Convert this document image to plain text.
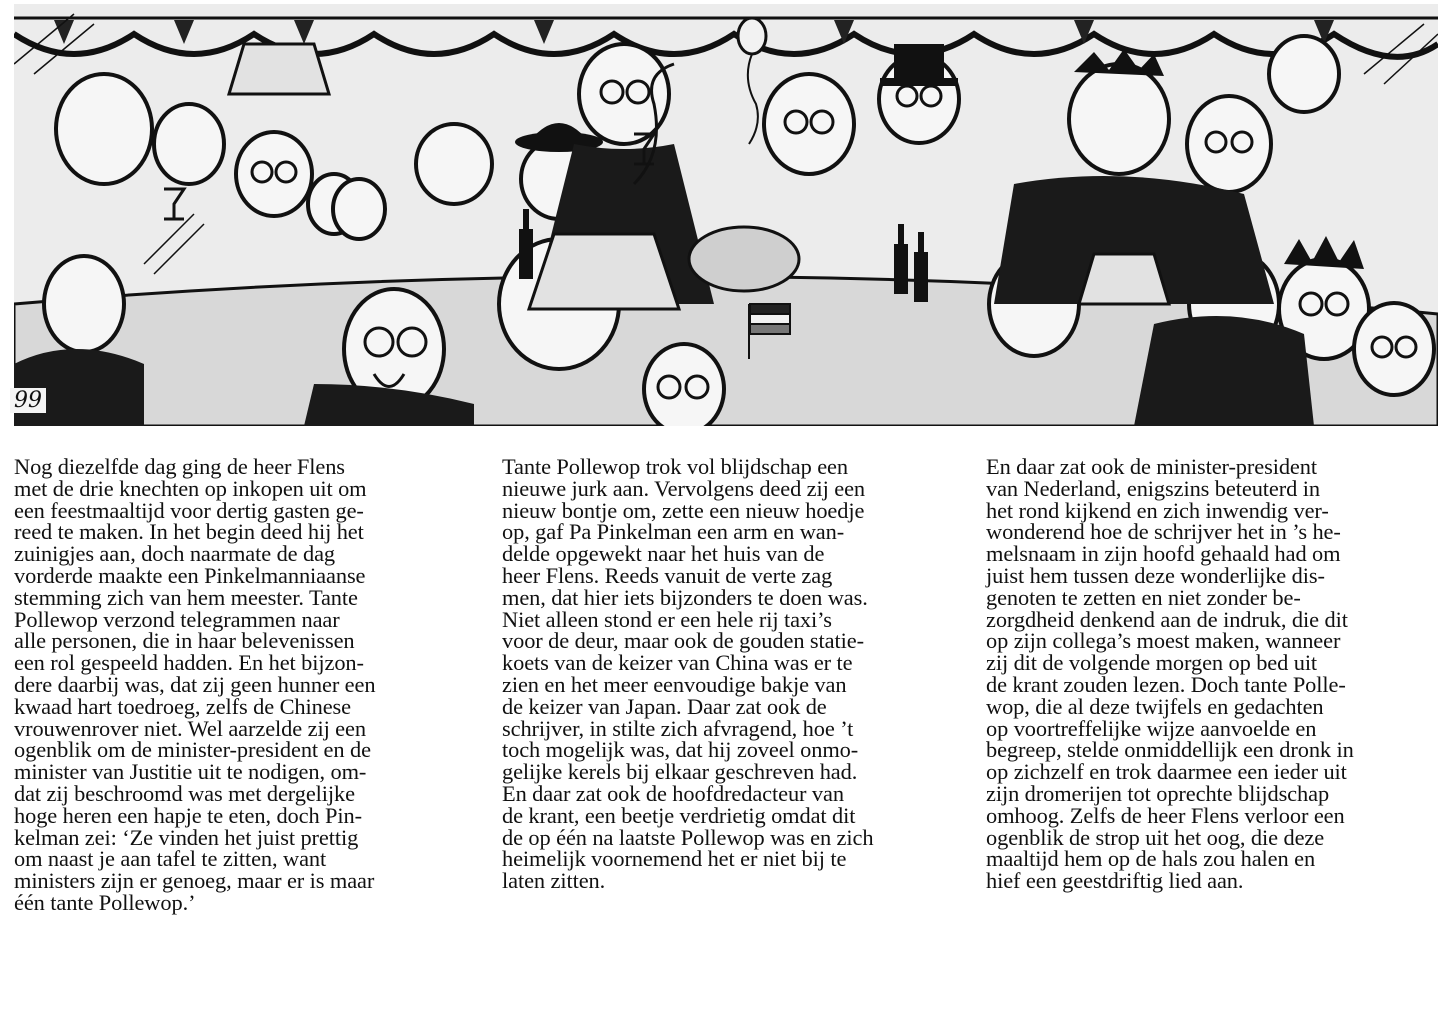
99
Nog diezelfde dag ging de heer Flens
met de drie knechten op inkopen uit om
een feestmaaltijd voor dertig gasten ge-
reed te maken. In het begin deed hij het
zuinigjes aan, doch naarmate de dag
vorderde maakte een Pinkelmanniaanse
stemming zich van hem meester. Tante
Pollewop verzond telegrammen naar
alle personen, die in haar belevenissen
een rol gespeeld hadden. En het bijzon-
dere daarbij was, dat zij geen hunner een
kwaad hart toedroeg, zelfs de Chinese
vrouwenrover niet. Wel aarzelde zij een
ogenblik om de minister-president en de
minister van Justitie uit te nodigen, om-
dat zij beschroomd was met dergelijke
hoge heren een hapje te eten, doch Pin-
kelman zei: ‘Ze vinden het juist prettig
om naast je aan tafel te zitten, want
ministers zijn er genoeg, maar er is maar
één tante Pollewop.’
Tante Pollewop trok vol blijdschap een
nieuwe jurk aan. Vervolgens deed zij een
nieuw bontje om, zette een nieuw hoedje
op, gaf Pa Pinkelman een arm en wan-
delde opgewekt naar het huis van de
heer Flens. Reeds vanuit de verte zag
men, dat hier iets bijzonders te doen was.
Niet alleen stond er een hele rij taxi’s
voor de deur, maar ook de gouden statie-
koets van de keizer van China was er te
zien en het meer eenvoudige bakje van
de keizer van Japan. Daar zat ook de
schrijver, in stilte zich afvragend, hoe ’t
toch mogelijk was, dat hij zoveel onmo-
gelijke kerels bij elkaar geschreven had.
En daar zat ook de hoofdredacteur van
de krant, een beetje verdrietig omdat dit
de op één na laatste Pollewop was en zich
heimelijk voornemend het er niet bij te
laten zitten.
En daar zat ook de minister-president
van Nederland, enigszins beteuterd in
het rond kijkend en zich inwendig ver-
wonderend hoe de schrijver het in ’s he-
melsnaam in zijn hoofd gehaald had om
juist hem tussen deze wonderlijke dis-
genoten te zetten en niet zonder be-
zorgdheid denkend aan de indruk, die dit
op zijn collega’s moest maken, wanneer
zij dit de volgende morgen op bed uit
de krant zouden lezen. Doch tante Polle-
wop, die al deze twijfels en gedachten
op voortreffelijke wijze aanvoelde en
begreep, stelde onmiddellijk een dronk in
op zichzelf en trok daarmee een ieder uit
zijn dromerijen tot oprechte blijdschap
omhoog. Zelfs de heer Flens verloor een
ogenblik de strop uit het oog, die deze
maaltijd hem op de hals zou halen en
hief een geestdriftig lied aan.
